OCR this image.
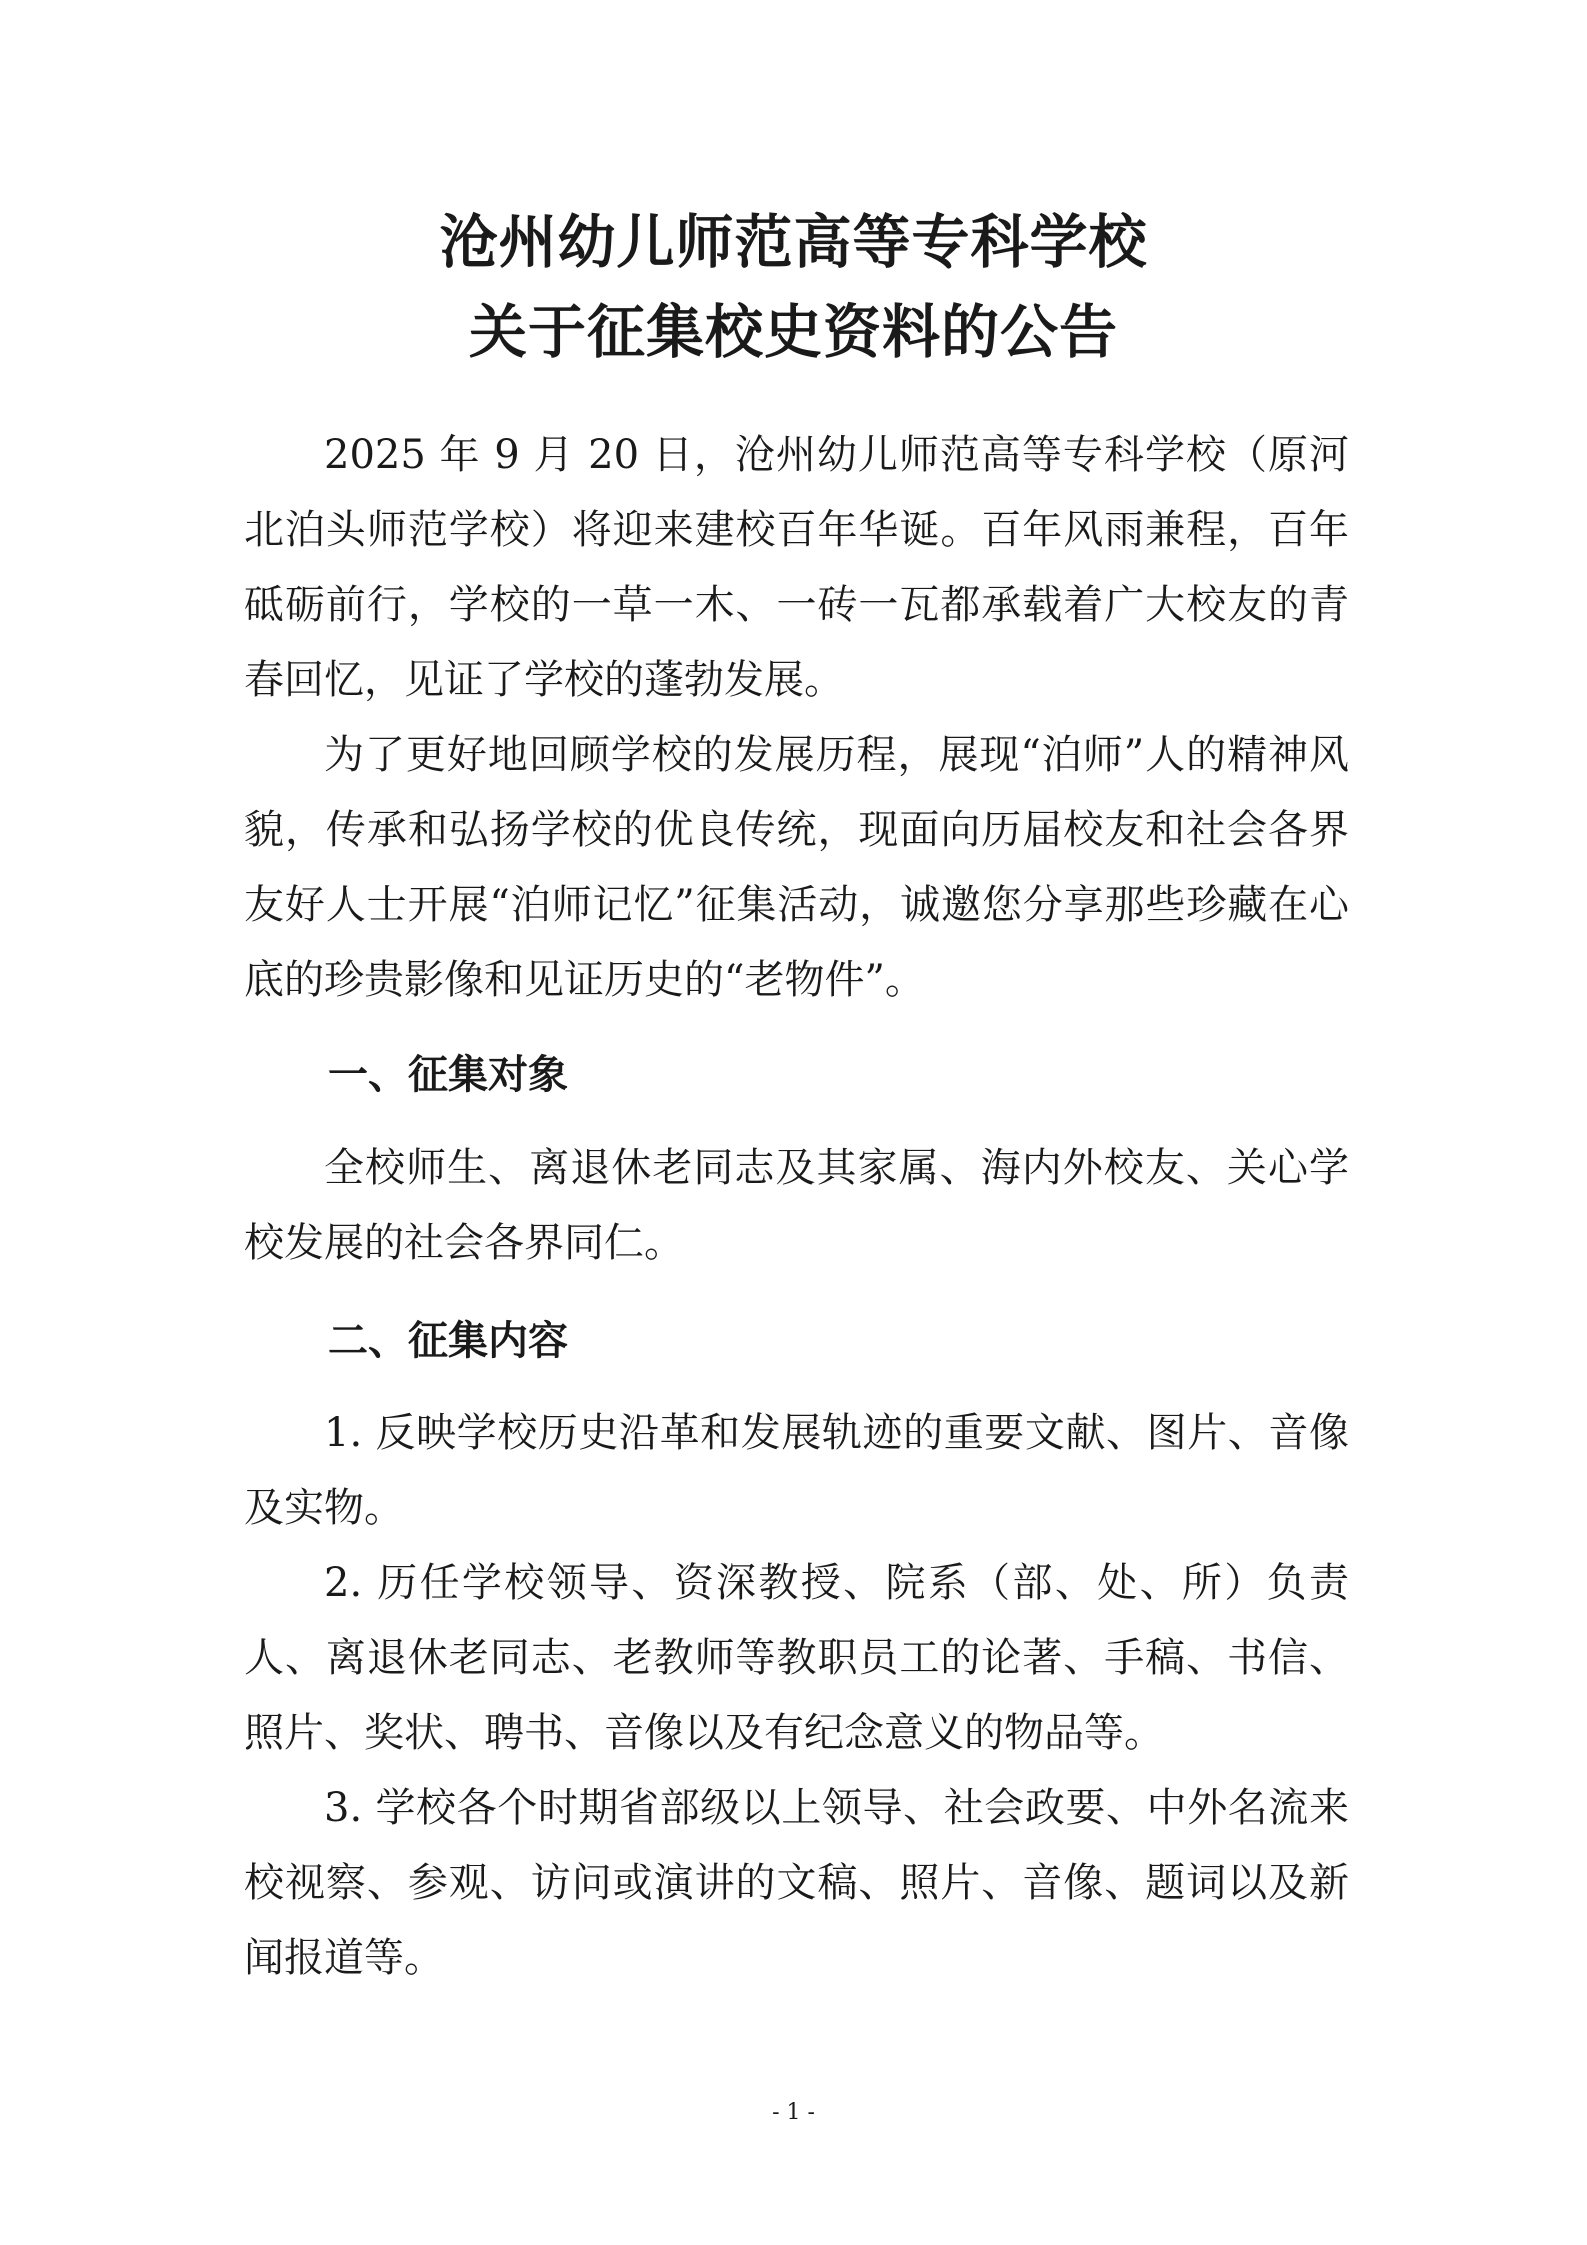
沧州幼儿师范高等专科学校
关于征集校史资料的公告

2025 年 9 月 20 日，沧州幼儿师范高等专科学校（原河北泊头师范学校）将迎来建校百年华诞。百年风雨兼程，百年砥砺前行，学校的一草一木、一砖一瓦都承载着广大校友的青春回忆，见证了学校的蓬勃发展。

为了更好地回顾学校的发展历程，展现“泊师”人的精神风貌，传承和弘扬学校的优良传统，现面向历届校友和社会各界友好人士开展“泊师记忆”征集活动，诚邀您分享那些珍藏在心底的珍贵影像和见证历史的“老物件”。

一、征集对象

全校师生、离退休老同志及其家属、海内外校友、关心学校发展的社会各界同仁。

二、征集内容

1. 反映学校历史沿革和发展轨迹的重要文献、图片、音像及实物。

2. 历任学校领导、资深教授、院系（部、处、所）负责人、离退休老同志、老教师等教职员工的论著、手稿、书信、照片、奖状、聘书、音像以及有纪念意义的物品等。

3. 学校各个时期省部级以上领导、社会政要、中外名流来校视察、参观、访问或演讲的文稿、照片、音像、题词以及新闻报道等。

- 1 -
